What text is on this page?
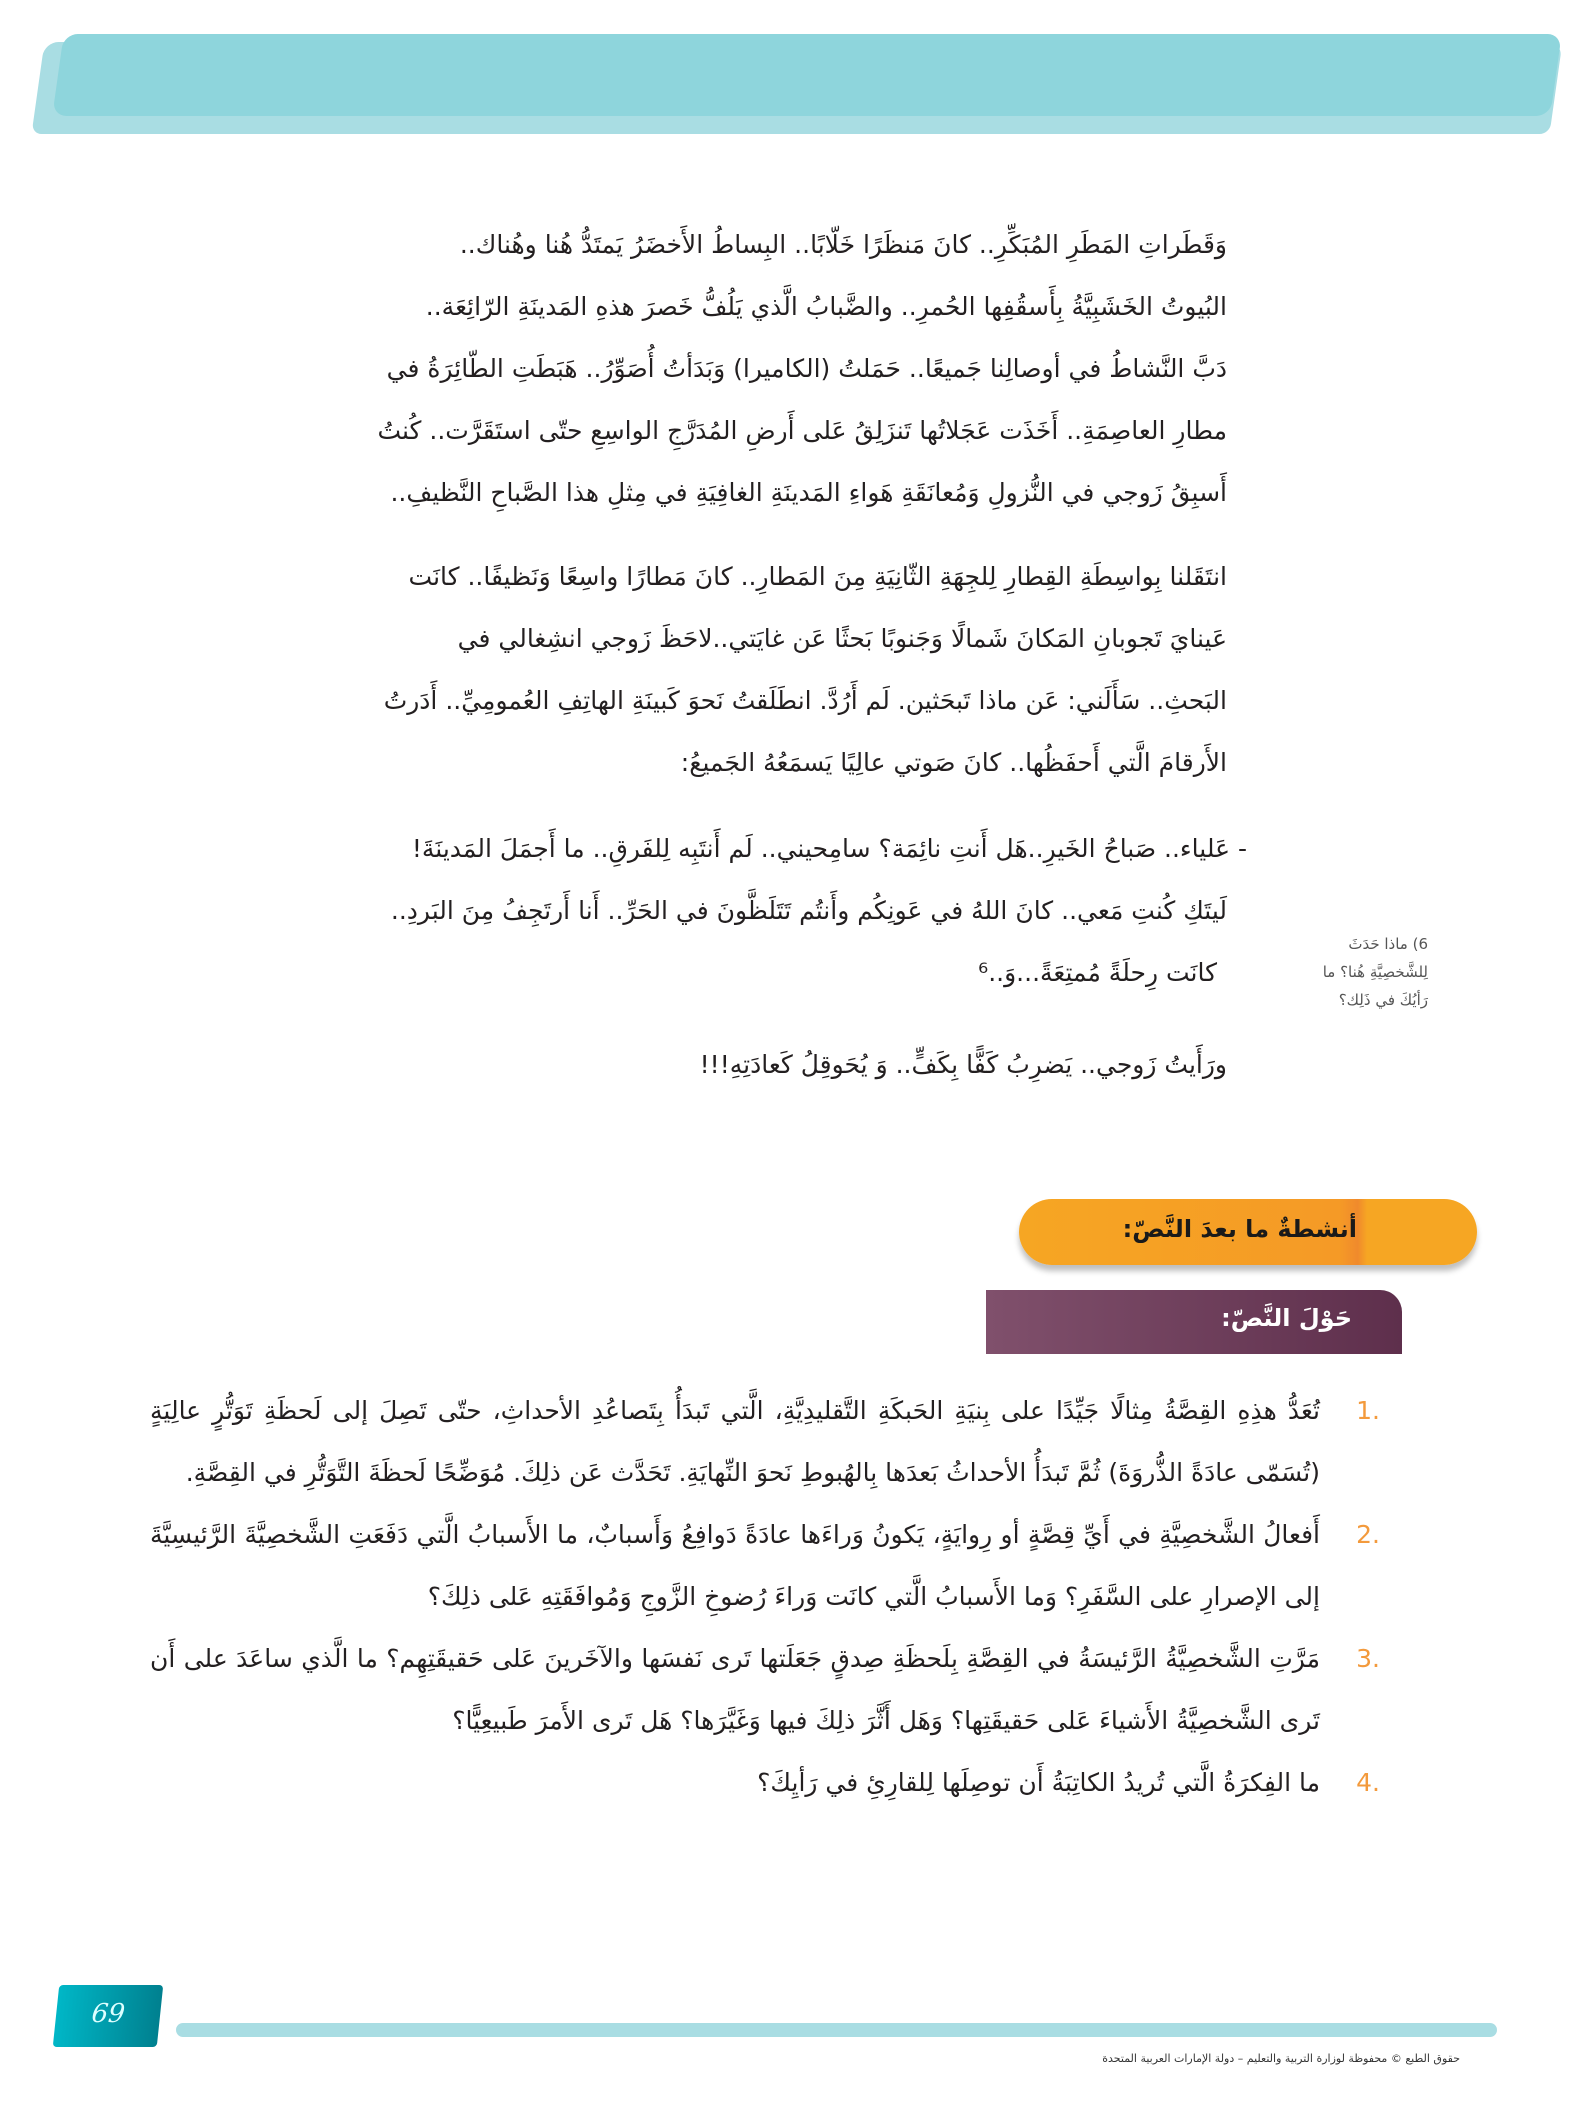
وَقَطَراتِ المَطَرِ المُبَكِّرِ.. كانَ مَنظَرًا خَلّابًا.. البِساطُ الأَخضَرُ يَمتَدُّ هُنا وهُناك..

البُيوتُ الخَشَبِيَّةُ بِأَسقُفِها الحُمرِ.. والضَّبابُ الَّذي يَلُفُّ خَصرَ هذهِ المَدينَةِ الرّائِعَة..

دَبَّ النَّشاطُ في أوصالِنا جَميعًا.. حَمَلتُ (الكاميرا) وَبَدَأتُ أُصَوِّرُ.. هَبَطَتِ الطّائِرَةُ في

مطارِ العاصِمَةِ.. أَخَذَت عَجَلاتُها تَنزَلِقُ عَلى أَرضِ المُدَرَّجِ الواسِعِ حتّى استَقَرَّت.. كُنتُ

أَسبِقُ زَوجي في النُّزولِ وَمُعانَقَةِ هَواءِ المَدينَةِ الغافِيَةِ في مِثلِ هذا الصَّباحِ النَّظيفِ..

انتَقَلنا بِواسِطَةِ القِطارِ لِلجِهَةِ الثّانِيَةِ مِنَ المَطارِ.. كانَ مَطارًا واسِعًا وَنَظيفًا.. كانَت

عَينايَ تَجوبانِ المَكانَ شَمالًا وَجَنوبًا بَحثًا عَن غايَتي..لاحَظَ زَوجي انشِغالي في

البَحثِ.. سَأَلَني: عَن ماذا تَبحَثين. لَم أَرُدَّ. انطَلَقتُ نَحوَ كَبينَةِ الهاتِفِ العُمومِيِّ.. أَدَرتُ

الأَرقامَ الَّتي أَحفَظُها.. كانَ صَوتي عالِيًا يَسمَعُهُ الجَميعُ:

- عَلياء.. صَباحُ الخَيرِ..هَل أَنتِ نائِمَة؟ سامِحيني.. لَم أَنتَبِه لِلفَرقِ.. ما أَجمَلَ المَدينَةَ!

لَيتَكِ كُنتِ مَعي.. كانَ اللهُ في عَونِكُم وأَنتُم تَتَلَظَّونَ في الحَرِّ.. أَنا أَرتَجِفُ مِنَ البَردِ..

كانَت رِحلَةً مُمتِعَةً...وَ..⁶

ورَأَيتُ زَوجي.. يَضرِبُ كَفًّا بِكَفٍّ.. وَ يُحَوقِلُ كَعادَتِهِ!!!

6) ماذا حَدَثَ
لِلشَّخصِيَّةِ هُنا؟ ما
رَأيُكَ في ذَلِك؟
أنشطةٌ ما بعدَ النَّصّ:
حَوْلَ النَّصّ:
1.
تُعَدُّ هذِهِ القِصَّةُ مِثالًا جَيِّدًا على بِنيَةِ الحَبكَةِ التَّقليدِيَّةِ، الَّتي تَبدَأُ بِتَصاعُدِ الأحداثِ، حتّى تَصِلَ إلى لَحظَةِ تَوَتُّرٍ عالِيَةٍ (تُسَمّى عادَةً الذُّروَةَ) ثُمَّ تَبدَأُ الأحداثُ بَعدَها بِالهُبوطِ نَحوَ النِّهايَةِ. تَحَدَّث عَن ذلِكَ. مُوَضِّحًا لَحظَةَ التَّوَتُّرِ في القِصَّةِ.
2.
أَفعالُ الشَّخصِيَّةِ في أَيِّ قِصَّةٍ أو رِوايَةٍ، يَكونُ وَراءَها عادَةً دَوافِعُ وَأَسبابٌ، ما الأَسبابُ الَّتي دَفَعَتِ الشَّخصِيَّةَ الرَّئيسِيَّةَ إلى الإصرارِ على السَّفَرِ؟ وَما الأَسبابُ الَّتي كانَت وَراءَ رُضوخِ الزَّوجِ وَمُوافَقَتِهِ عَلى ذلِكَ؟
3.
مَرَّتِ الشَّخصِيَّةُ الرَّئيسَةُ في القِصَّةِ بِلَحظَةِ صِدقٍ جَعَلَتها تَرى نَفسَها والآخَرينَ عَلى حَقيقَتِهِم؟ ما الَّذي ساعَدَ على أَن تَرى الشَّخصِيَّةُ الأَشياءَ عَلى حَقيقَتِها؟ وَهَل أَثَّرَ ذلِكَ فيها وَغَيَّرَها؟ هَل تَرى الأَمرَ طَبيعِيًّا؟
4.
ما الفِكرَةُ الَّتي تُريدُ الكاتِبَةُ أَن توصِلَها لِلقارِئِ في رَأيِكَ؟
69
حقوق الطبع © محفوظة لوزارة التربية والتعليم – دولة الإمارات العربية المتحدة
